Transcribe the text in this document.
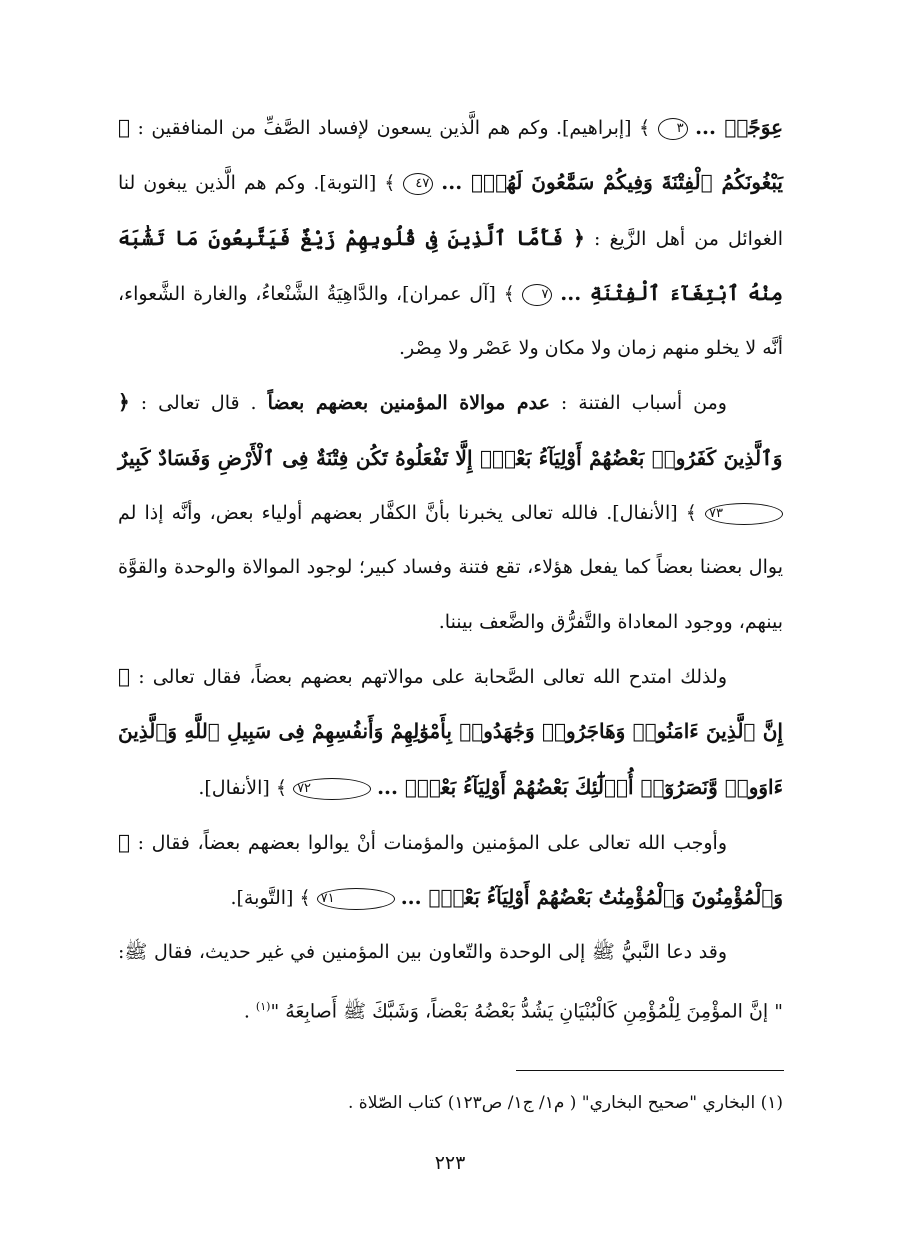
عِوَجًاۚ ... ٣ ﴾ [إبراهيم]. وكم هم الَّذين يسعون لإفساد الصَّفِّ من المنافقين : ﴿ يَبْغُونَكُمُ ٱلْفِتْنَةَ وَفِيكُمْ سَمَّٰعُونَ لَهُمْۗ ... ٤٧ ﴾ [التوبة]. وكم هم الَّذين يبغون لنا الغوائل من أهل الزَّيغ : ﴿ فَأَمَّا ٱلَّذِينَ فِى قُلُوبِهِمْ زَيْغٌ فَيَتَّبِعُونَ مَا تَشَٰبَهَ مِنْهُ ٱبْتِغَآءَ ٱلْفِتْنَةِ ... ٧ ﴾ [آل عمران]، والدَّاهِيَةُ الشَّنْعاءُ، والغارة الشَّعواء، أنَّه لا يخلو منهم زمان ولا مكان ولا عَصْر ولا مِصْر.

ومن أسباب الفتنة : عدم موالاة المؤمنين بعضهم بعضاً . قال تعالى : ﴿ وَٱلَّذِينَ كَفَرُوا۟ بَعْضُهُمْ أَوْلِيَآءُ بَعْضٍۚ إِلَّا تَفْعَلُوهُ تَكُن فِتْنَةٌ فِى ٱلْأَرْضِ وَفَسَادٌ كَبِيرٌ ٧٣ ﴾ [الأنفال]. فالله تعالى يخبرنا بأنَّ الكفَّار بعضهم أولياء بعض، وأنَّه إذا لم يوال بعضنا بعضاً كما يفعل هؤلاء، تقع فتنة وفساد كبير؛ لوجود الموالاة والوحدة والقوَّة بينهم، ووجود المعاداة والتَّفرُّق والضَّعف بيننا.

ولذلك امتدح الله تعالى الصَّحابة على موالاتهم بعضهم بعضاً، فقال تعالى : ﴿ إِنَّ ٱلَّذِينَ ءَامَنُوا۟ وَهَاجَرُوا۟ وَجَٰهَدُوا۟ بِأَمْوَٰلِهِمْ وَأَنفُسِهِمْ فِى سَبِيلِ ٱللَّهِ وَٱلَّذِينَ ءَاوَوا۟ وَّنَصَرُوٓا۟ أُو۟لَٰٓئِكَ بَعْضُهُمْ أَوْلِيَآءُ بَعْضٍۚ ... ٧٢ ﴾ [الأنفال].

وأوجب الله تعالى على المؤمنين والمؤمنات أنْ يوالوا بعضهم بعضاً، فقال : ﴿ وَٱلْمُؤْمِنُونَ وَٱلْمُؤْمِنَٰتُ بَعْضُهُمْ أَوْلِيَآءُ بَعْضٍۚ ... ٧١ ﴾ [التَّوبة].

وقد دعا النَّبيُّ ﷺ إلى الوحدة والتّعاون بين المؤمنين في غير حديث، فقال ﷺ: " إنَّ المؤْمِنَ لِلْمُؤْمِنِ كَالْبُنْيَانِ يَشُدُّ بَعْضُهُ بَعْضاً، وَشَبَّكَ ﷺ أَصابِعَهُ "$^{(١)}$ .

(١) البخاري "صحيح البخاري" ( م١/ ج١/ ص١٢٣) كتاب الصّلاة .
٢٢٣
